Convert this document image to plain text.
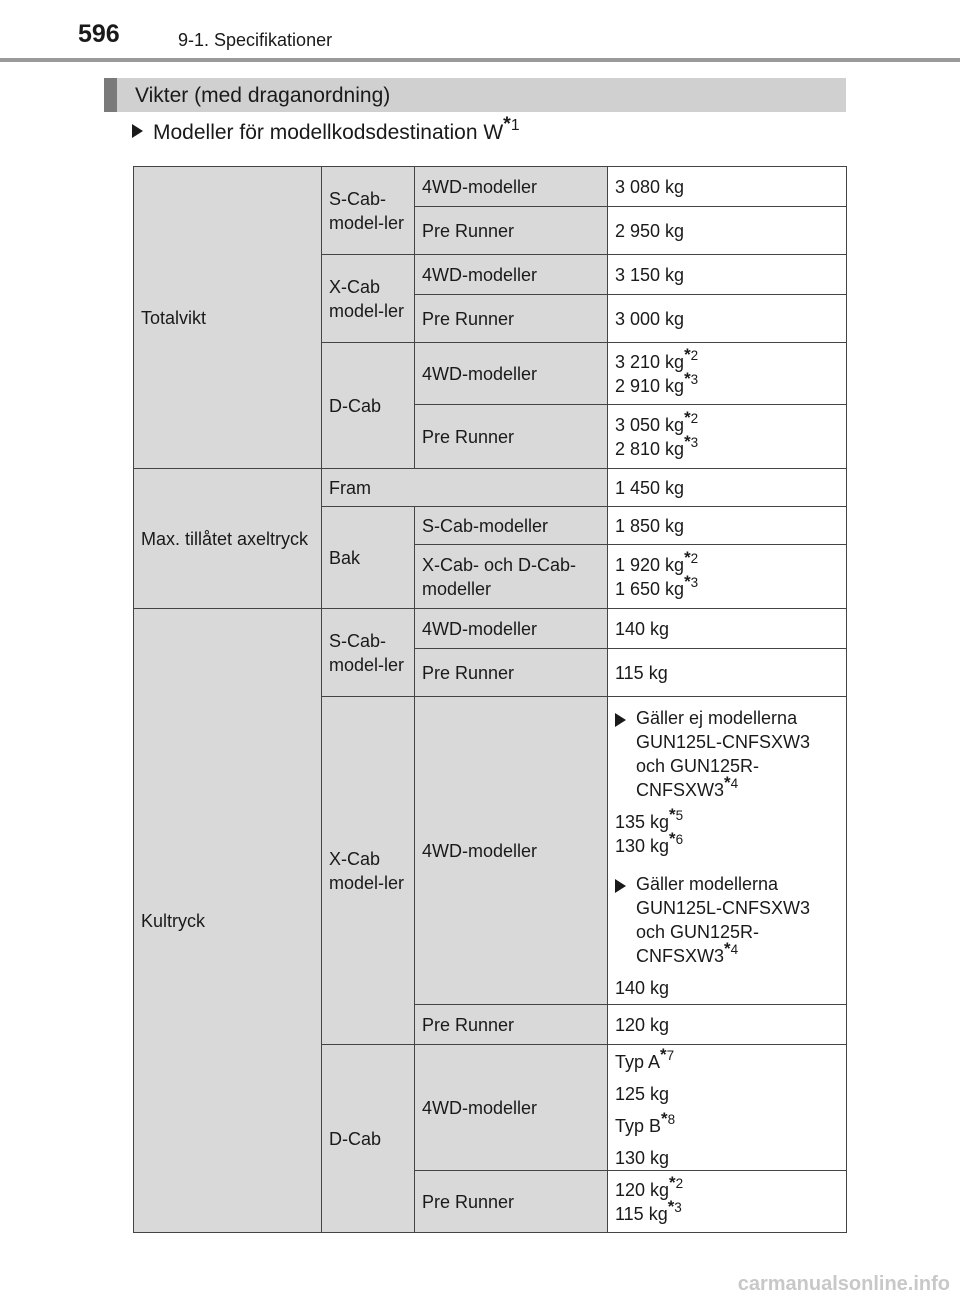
596	9-1. Specifikationer
Vikter (med draganordning)
Modeller för modellkodsdestination $W^{*1}$
Totalvikt	S-Cab-model-ler	4WD-modeller	3 080 kg
		Pre Runner	2 950 kg
	X-Cab model-ler	4WD-modeller	3 150 kg
		Pre Runner	3 000 kg
	D-Cab	4WD-modeller	3 210 $kg^{*2}$
2 910 $kg^{*3}$

		Pre Runner	3 050 $kg^{*2}$
2 810 $kg^{*3}$

Max. tillåtet axeltryck	Fram		1 450 kg
	Bak	S-Cab-modeller	1 850 kg
		X-Cab- och D-Cab-modeller	1 920 $kg^{*2}$
1 650 $kg^{*3}$

Kultryck	S-Cab-model-ler	4WD-modeller	140 kg
		Pre Runner	115 kg
	X-Cab model-ler	4WD-modeller	Gäller ej modellerna GUN125L-CNFSXW3 och GUN125R-CNFSXW3$^{*4}$
135 $kg^{*5}$
130 $kg^{*6}$
Gäller modellerna GUN125L-CNFSXW3 och GUN125R-CNFSXW3$^{*4}$
140 kg

		Pre Runner	120 kg
	D-Cab	4WD-modeller	Typ $A^{*7}$
125 kg
Typ $B^{*8}$
130 kg

		Pre Runner	120 $kg^{*2}$
115 $kg^{*3}$
carmanualsonline.info
